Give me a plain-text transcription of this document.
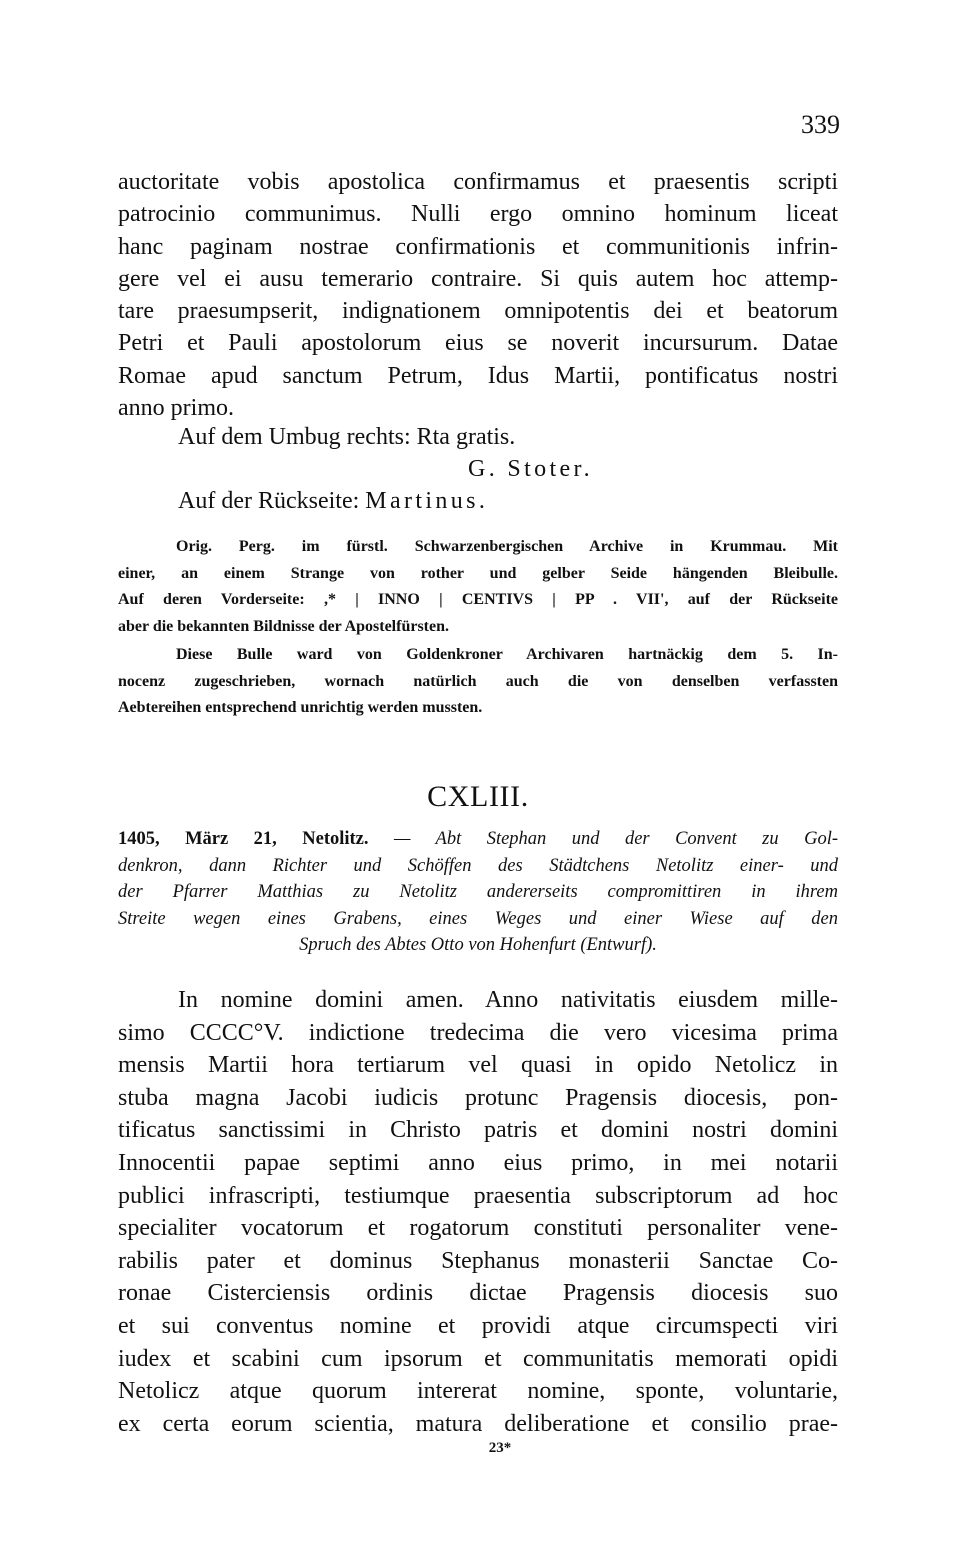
339
auctoritate vobis apostolica confirmamus et praesentis scripti
patrocinio communimus. Nulli ergo omnino hominum liceat
hanc paginam nostrae confirmationis et communitionis infrin-
gere vel ei ausu temerario contraire. Si quis autem hoc attemp-
tare praesumpserit, indignationem omnipotentis dei et beatorum
Petri et Pauli apostolorum eius se noverit incursurum. Datae
Romae apud sanctum Petrum, Idus Martii, pontificatus nostri
anno primo.
Auf dem Umbug rechts: Rta gratis.
G. Stoter.
Auf der Rückseite: Martinus.
Orig. Perg. im fürstl. Schwarzenbergischen Archive in Krummau. Mit
einer, an einem Strange von rother und gelber Seide hängenden Bleibulle.
Auf deren Vorderseite: ,* | INNO | CENTIVS | PP . VII', auf der Rückseite
aber die bekannten Bildnisse der Apostelfürsten.
Diese Bulle ward von Goldenkroner Archivaren hartnäckig dem 5. In-
nocenz zugeschrieben, wornach natürlich auch die von denselben verfassten
Aebtereihen entsprechend unrichtig werden mussten.
CXLIII.
1405, März 21, Netolitz. — Abt Stephan und der Convent zu Gol-
denkron, dann Richter und Schöffen des Städtchens Netolitz einer- und
der Pfarrer Matthias zu Netolitz andererseits compromittiren in ihrem
Streite wegen eines Grabens, eines Weges und einer Wiese auf den
Spruch des Abtes Otto von Hohenfurt (Entwurf).
In nomine domini amen. Anno nativitatis eiusdem mille-
simo CCCC°V. indictione tredecima die vero vicesima prima
mensis Martii hora tertiarum vel quasi in opido Netolicz in
stuba magna Jacobi iudicis protunc Pragensis diocesis, pon-
tificatus sanctissimi in Christo patris et domini nostri domini
Innocentii papae septimi anno eius primo, in mei notarii
publici infrascripti, testiumque praesentia subscriptorum ad hoc
specialiter vocatorum et rogatorum constituti personaliter vene-
rabilis pater et dominus Stephanus monasterii Sanctae Co-
ronae Cisterciensis ordinis dictae Pragensis diocesis suo
et sui conventus nomine et providi atque circumspecti viri
iudex et scabini cum ipsorum et communitatis memorati opidi
Netolicz atque quorum intererat nomine, sponte, voluntarie,
ex certa eorum scientia, matura deliberatione et consilio prae-
23*
